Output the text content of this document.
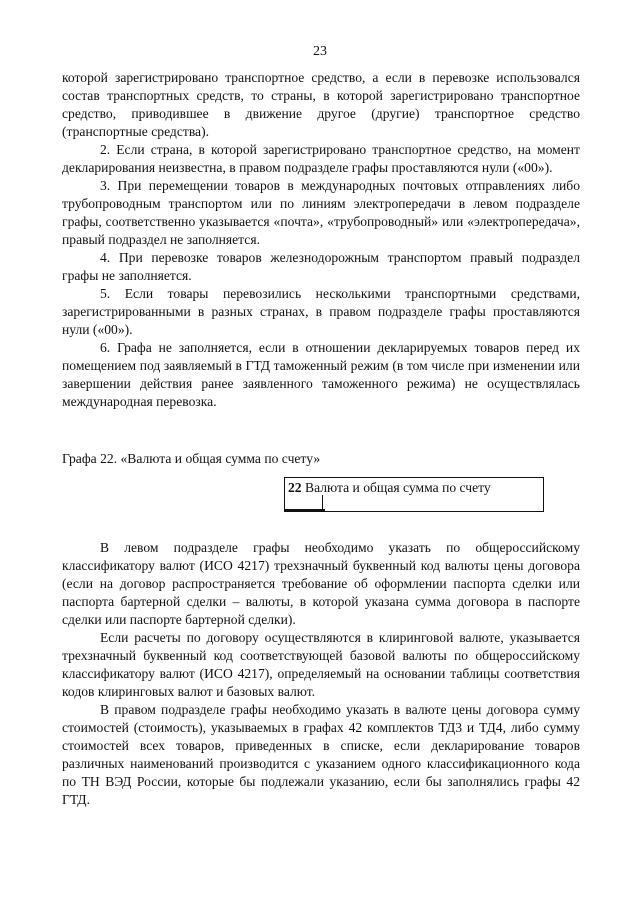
23

которой зарегистрировано транспортное средство, а если в перевозке использовался состав транспортных средств, то страны, в которой зарегистрировано транспортное средство, приводившее в движение другое (другие) транспортное средство (транспортные средства).

2. Если страна, в которой зарегистрировано транспортное средство, на момент декларирования неизвестна, в правом подразделе графы проставляются нули («00»).

3. При перемещении товаров в международных почтовых отправлениях либо трубопроводным транспортом или по линиям электропередачи в левом подразделе графы, соответственно указывается «почта», «трубопроводный» или «электропередача», правый подраздел не заполняется.

4. При перевозке товаров железнодорожным транспортом правый подраздел графы не заполняется.

5. Если товары перевозились несколькими транспортными средствами, зарегистрированными в разных странах, в правом подразделе графы проставляются нули («00»).

6. Графа не заполняется, если в отношении декларируемых товаров перед их помещением под заявляемый в ГТД таможенный режим (в том числе при изменении или завершении действия ранее заявленного таможенного режима) не осуществлялась международная перевозка.

Графа 22. «Валюта и общая сумма по счету»
22 Валюта и общая сумма по счету

В левом подразделе графы необходимо указать по общероссийскому классификатору валют (ИСО 4217) трехзначный буквенный код валюты цены договора (если на договор распространяется требование об оформлении паспорта сделки или паспорта бартерной сделки – валюты, в которой указана сумма договора в паспорте сделки или паспорте бартерной сделки).

Если расчеты по договору осуществляются в клиринговой валюте, указывается трехзначный буквенный код соответствующей базовой валюты по общероссийскому классификатору валют (ИСО 4217), определяемый на основании таблицы соответствия кодов клиринговых валют и базовых валют.

В правом подразделе графы необходимо указать в валюте цены договора сумму стоимостей (стоимость), указываемых в графах 42 комплектов ТД3 и ТД4, либо сумму стоимостей всех товаров, приведенных в списке, если декларирование товаров различных наименований производится с указанием одного классификационного кода по ТН ВЭД России, которые бы подлежали указанию, если бы заполнялись графы 42 ГТД.
